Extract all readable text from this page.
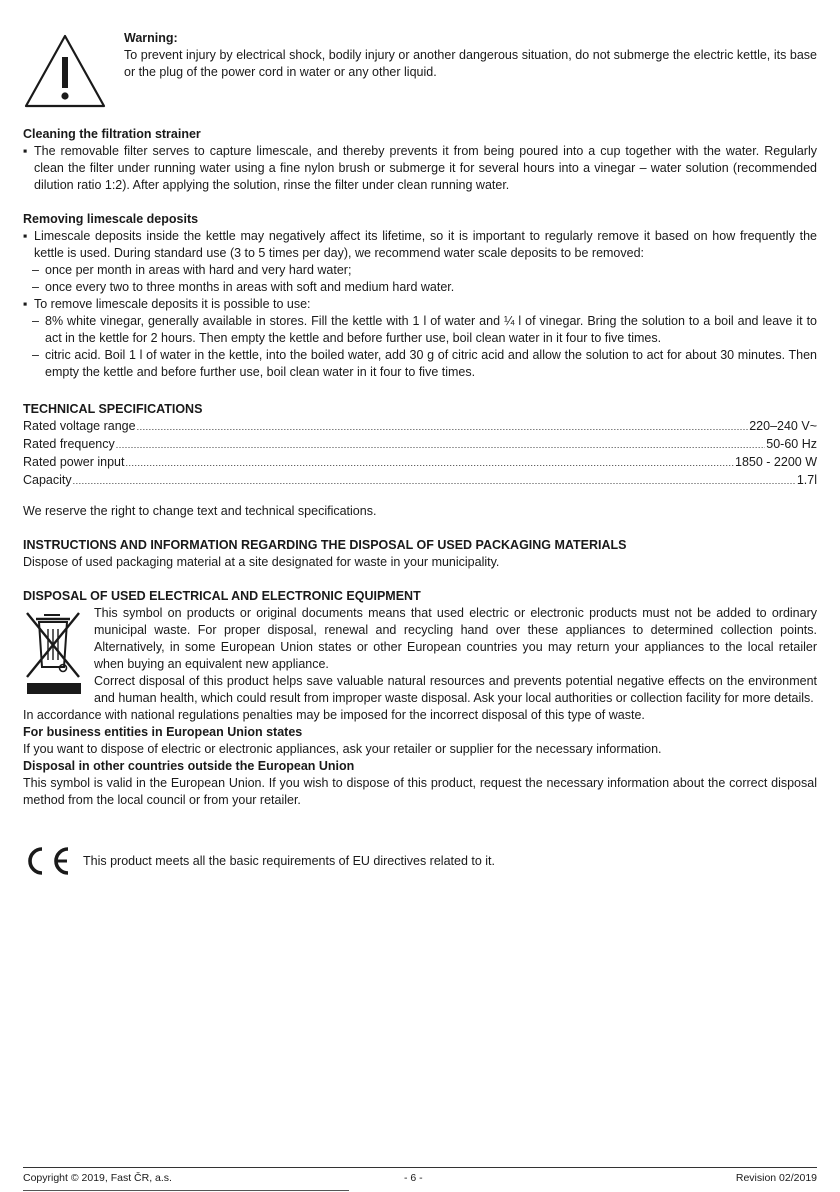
Warning:

To prevent injury by electrical shock, bodily injury or another dangerous situation, do not submerge the electric kettle, its base or the plug of the power cord in water or any other liquid.

Cleaning the filtration strainer

▪ The removable filter serves to capture limescale, and thereby prevents it from being poured into a cup together with the water. Regularly clean the filter under running water using a fine nylon brush or submerge it for several hours into a vinegar – water solution (recommended dilution ratio 1:2). After applying the solution, rinse the filter under clean running water.

Removing limescale deposits

▪ Limescale deposits inside the kettle may negatively affect its lifetime, so it is important to regularly remove it based on how frequently the kettle is used. During standard use (3 to 5 times per day), we recommend water scale deposits to be removed:
– once per month in areas with hard and very hard water;
– once every two to three months in areas with soft and medium hard water.
▪ To remove limescale deposits it is possible to use:
– 8% white vinegar, generally available in stores. Fill the kettle with 1 l of water and ¼ l of vinegar. Bring the solution to a boil and leave it to act in the kettle for 2 hours. Then empty the kettle and before further use, boil clean water in it four to five times.
– citric acid. Boil 1 l of water in the kettle, into the boiled water, add 30 g of citric acid and allow the solution to act for about 30 minutes. Then empty the kettle and before further use, boil clean water in it four to five times.

TECHNICAL SPECIFICATIONS

Rated voltage range .....	220–240 V~
Rated frequency .....	50-60 Hz
Rated power input .....	1850 - 2200 W
Capacity .....	1.7l

We reserve the right to change text and technical specifications.

INSTRUCTIONS AND INFORMATION REGARDING THE DISPOSAL OF USED PACKAGING MATERIALS

Dispose of used packaging material at a site designated for waste in your municipality.

DISPOSAL OF USED ELECTRICAL AND ELECTRONIC EQUIPMENT

This symbol on products or original documents means that used electric or electronic products must not be added to ordinary municipal waste. For proper disposal, renewal and recycling hand over these appliances to determined collection points. Alternatively, in some European Union states or other European countries you may return your appliances to the local retailer when buying an equivalent new appliance.

Correct disposal of this product helps save valuable natural resources and prevents potential negative effects on the environment and human health, which could result from improper waste disposal. Ask your local authorities or collection facility for more details.

In accordance with national regulations penalties may be imposed for the incorrect disposal of this type of waste.

For business entities in European Union states

If you want to dispose of electric or electronic appliances, ask your retailer or supplier for the necessary information.

Disposal in other countries outside the European Union

This symbol is valid in the European Union. If you wish to dispose of this product, request the necessary information about the correct disposal method from the local council or from your retailer.

This product meets all the basic requirements of EU directives related to it.
Copyright © 2019, Fast ČR, a.s.	- 6 -	Revision 02/2019
